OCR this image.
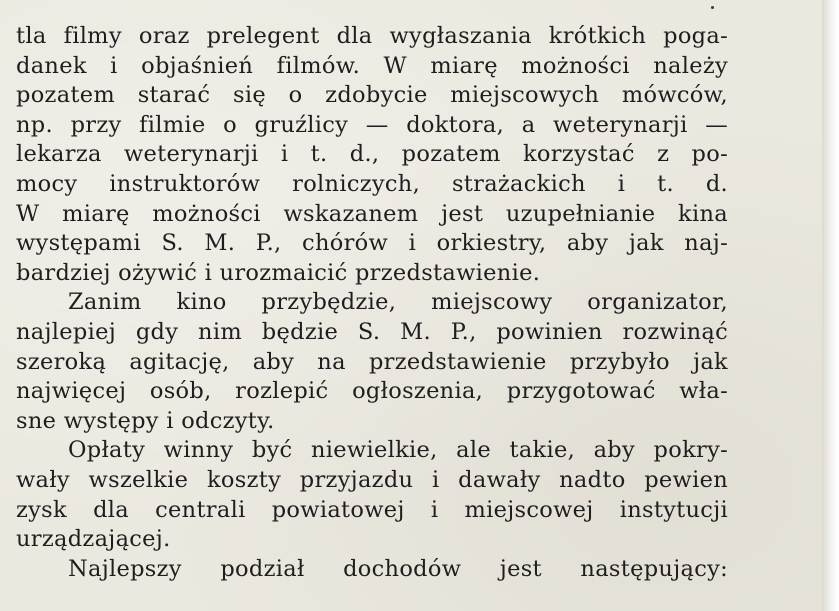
tla filmy oraz prelegent dla wygłaszania krótkich poga-
danek i objaśnień filmów. W miarę możności należy
pozatem starać się o zdobycie miejscowych mówców,
np. przy filmie o gruźlicy — doktora, a weterynarji —
lekarza weterynarji i t. d., pozatem korzystać z po-
mocy instruktorów rolniczych, strażackich i t. d.
W miarę możności wskazanem jest uzupełnianie kina
występami S. M. P., chórów i orkiestry, aby jak naj-
bardziej ożywić i urozmaicić przedstawienie.
Zanim kino przybędzie, miejscowy organizator,
najlepiej gdy nim będzie S. M. P., powinien rozwinąć
szeroką agitację, aby na przedstawienie przybyło jak
najwięcej osób, rozlepić ogłoszenia, przygotować wła-
sne występy i odczyty.
Opłaty winny być niewielkie, ale takie, aby pokry-
wały wszelkie koszty przyjazdu i dawały nadto pewien
zysk dla centrali powiatowej i miejscowej instytucji
urządzającej.
Najlepszy podział dochodów jest następujący:
